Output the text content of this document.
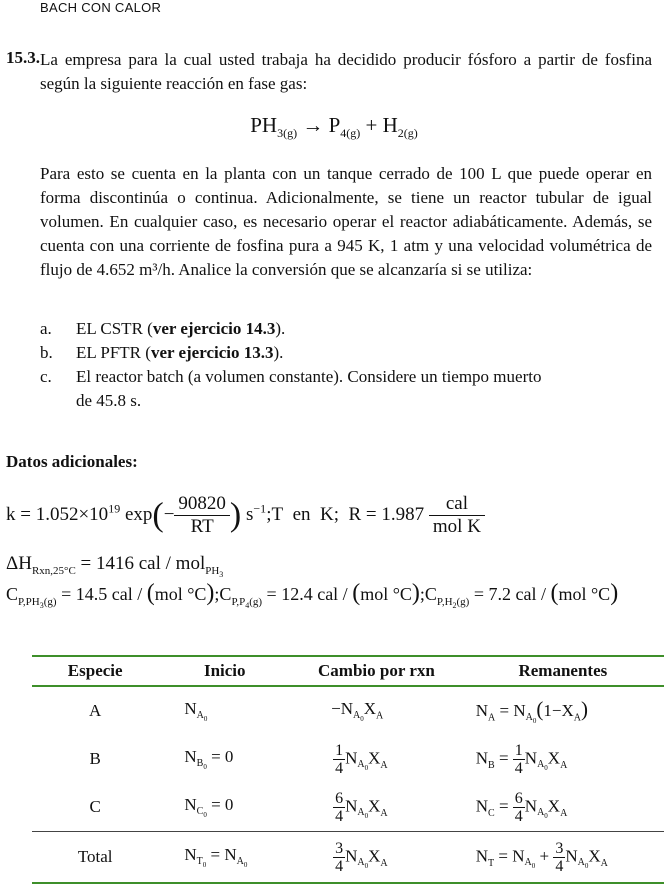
BACH CON CALOR
15.3. La empresa para la cual usted trabaja ha decidido producir fósforo a partir de fosfina según la siguiente reacción en fase gas:
$PH_{3(g)} \to P_{4(g)} + H_{2(g)}$
Para esto se cuenta en la planta con un tanque cerrado de 100 L que puede operar en forma discontinúa o continua. Adicionalmente, se tiene un reactor tubular de igual volumen. En cualquier caso, es necesario operar el reactor adiabáticamente. Además, se cuenta con una corriente de fosfina pura a 945 K, 1 atm y una velocidad volumétrica de flujo de 4.652 m³/h. Analice la conversión que se alcanzaría si se utiliza:
a. EL CSTR (ver ejercicio 14.3).
b. EL PFTR (ver ejercicio 13.3).
c. El reactor batch (a volumen constante). Considere un tiempo muerto de 45.8 s.
Datos adicionales:
$k = 1.052\times 10^{19}$ $\exp(- \frac{90820}{RT}$ ) $s^{-1};T$  en  K;  $R = 1.987 \frac{\text{cal}}{\text{mol K}}$
$\Delta H_{Rxn,25^\circ C} = 1416$ cal / mol$_{PH_3}$
$C_{P,PH_3(g)} = 14.5$ cal / (mol $^\circ C);C_{P,P_4(g)} = 12.4$ cal / (mol $^\circ C);C_{P,H_2(g)} = 7.2$ cal / (mol °C)
Especie	Inicio	Cambio por rxn	Remanentes
A	$N_{A_0}$	$-N_{A_0}X_A$	$N_A = N_{A_0}(1-X_A)$
B	$N_{B_0} = 0$	$\frac{1}{4} N_{A_0}X_A$	$N_B = \frac{1}{4} N_{A_0}X_A$
C	$N_{C_0} = 0$	$\frac{6}{4} N_{A_0}X_A$	$N_C = \frac{6}{4} N_{A_0}X_A$
Total	$N_{T_0} = N_{A_0}$	$\frac{3}{4} N_{A_0}X_A$	$N_T = N_{A_0} + \frac{3}{4} N_{A_0}X_A$
